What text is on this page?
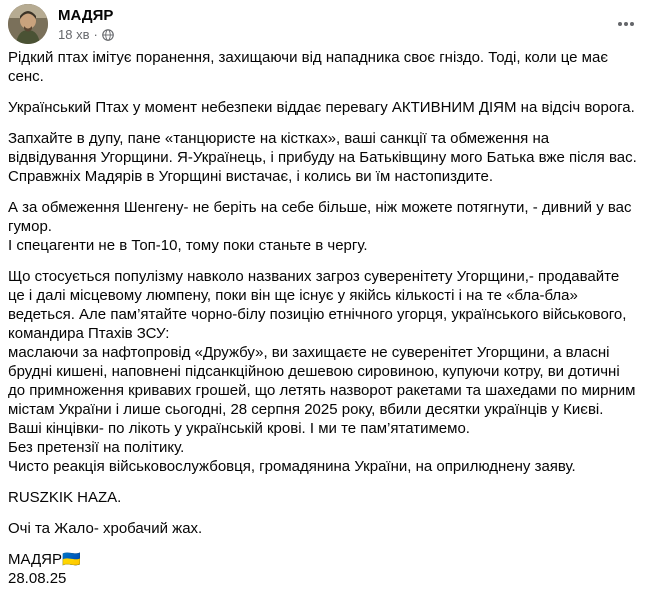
МАДЯР
18 хв ·

Рідкий птах імітує поранення, захищаючи від нападника своє гніздо. Тоді, коли це має сенс.

Український Птах у момент небезпеки віддає перевагу АКТИВНИМ ДІЯМ на відсіч ворога.

Запхайте в дупу, пане «танцюристе на кістках», ваші санкції та обмеження на відвідування Угорщини. Я-Українець, і прибуду на Батьківщину мого Батька вже після вас. Справжніх Мадярів в Угорщині вистачає, і колись ви їм настопиздите.

А за обмеження Шенгену- не беріть на себе більше, ніж можете потягнути, - дивний у вас гумор.
І спецагенти не в Топ-10, тому поки станьте в чергу.

Що стосується популізму навколо названих загроз суверенітету Угорщини,- продавайте це і далі місцевому люмпену, поки він ще існує у якійсь кількості і на те «бла-бла» ведеться. Але пам’ятайте чорно-білу позицію етнічного угорця, українського військового, командира Птахів ЗСУ:
маслаючи за нафтопровід «Дружбу», ви захищаєте не суверенітет Угорщини, а власні брудні кишені, наповнені підсанкційною дешевою сировиною, купуючи котру, ви дотичні до примноження кривавих грошей, що летять назворот ракетами та шахедами по мирним містам України і лише сьогодні, 28 серпня 2025 року, вбили десятки українців у Києві.
Ваші кінцівки- по лікоть у українській крові. І ми те пам’ятатимемо.
Без претензії на політику.
Чисто реакція військовослужбовця, громадянина України, на оприлюднену заяву.

RUSZKIK HAZA.

Очі та Жало- хробачий жах.

МАДЯР🇺🇦
28.08.25
